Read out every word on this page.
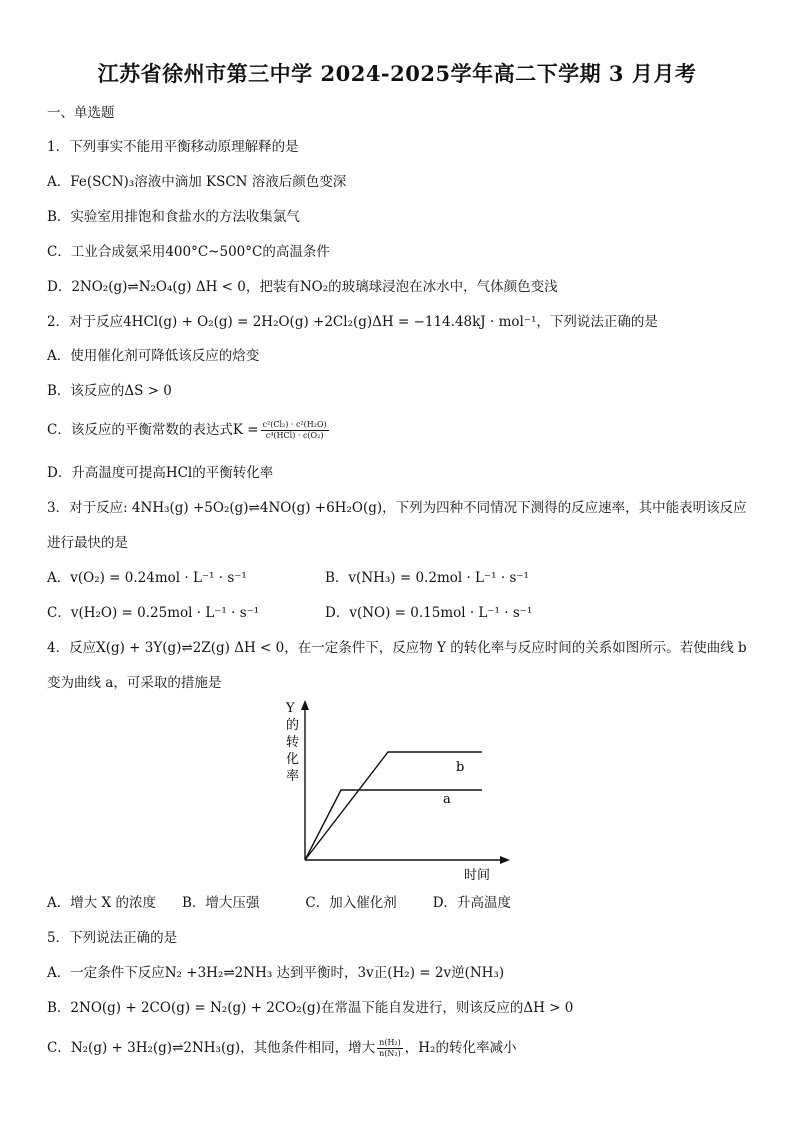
江苏省徐州市第三中学 2024-2025学年高二下学期 3 月月考
一、单选题
1．下列事实不能用平衡移动原理解释的是
A．Fe(SCN)₃溶液中滴加 KSCN 溶液后颜色变深
B．实验室用排饱和食盐水的方法收集氯气
C．工业合成氨采用400°C~500°C的高温条件
D．2NO₂(g)⇌N₂O₄(g) ΔH < 0，把装有NO₂的玻璃球浸泡在冰水中，气体颜色变浅
2．对于反应4HCl(g) + O₂(g) = 2H₂O(g) +2Cl₂(g)ΔH = −114.48kJ · mol⁻¹，下列说法正确的是
A．使用催化剂可降低该反应的焓变
B．该反应的ΔS > 0
C．该反应的平衡常数的表达式$K = \frac{\text{c²(Cl₂) · c²(H₂O)}}{\text{c⁴(HCl) · c(O₂)}}$
D．升高温度可提高HCl的平衡转化率
3．对于反应: 4NH₃(g) +5O₂(g)⇌4NO(g) +6H₂O(g)，下列为四种不同情况下测得的反应速率，其中能表明该反应
进行最快的是
A．v(O₂) = 0.24mol · L⁻¹ · s⁻¹	B．v(NH₃) = 0.2mol · L⁻¹ · s⁻¹
C．v(H₂O) = 0.25mol · L⁻¹ · s⁻¹	D．v(NO) = 0.15mol · L⁻¹ · s⁻¹
4．反应X(g) + 3Y(g)⇌2Z(g) ΔH < 0，在一定条件下，反应物 Y 的转化率与反应时间的关系如图所示。若使曲线 b
变为曲线 a，可采取的措施是
Y
的
转
化
率
时间
b
a
A．增大 X 的浓度 B．增大压强	C．加入催化剂	D．升高温度
5．下列说法正确的是
A．一定条件下反应N₂ +3H₂⇌2NH₃ 达到平衡时，3v正(H₂) = 2v逆(NH₃)
B．2NO(g) + 2CO(g) = N₂(g) + 2CO₂(g)在常温下能自发进行，则该反应的ΔH > 0
C．N₂(g) + 3H₂(g)⇌2NH₃(g)，其他条件相同，增大 $\frac{\text{n(H₂)}}{\text{n(N₂)}}$ ，H₂的转化率减小
